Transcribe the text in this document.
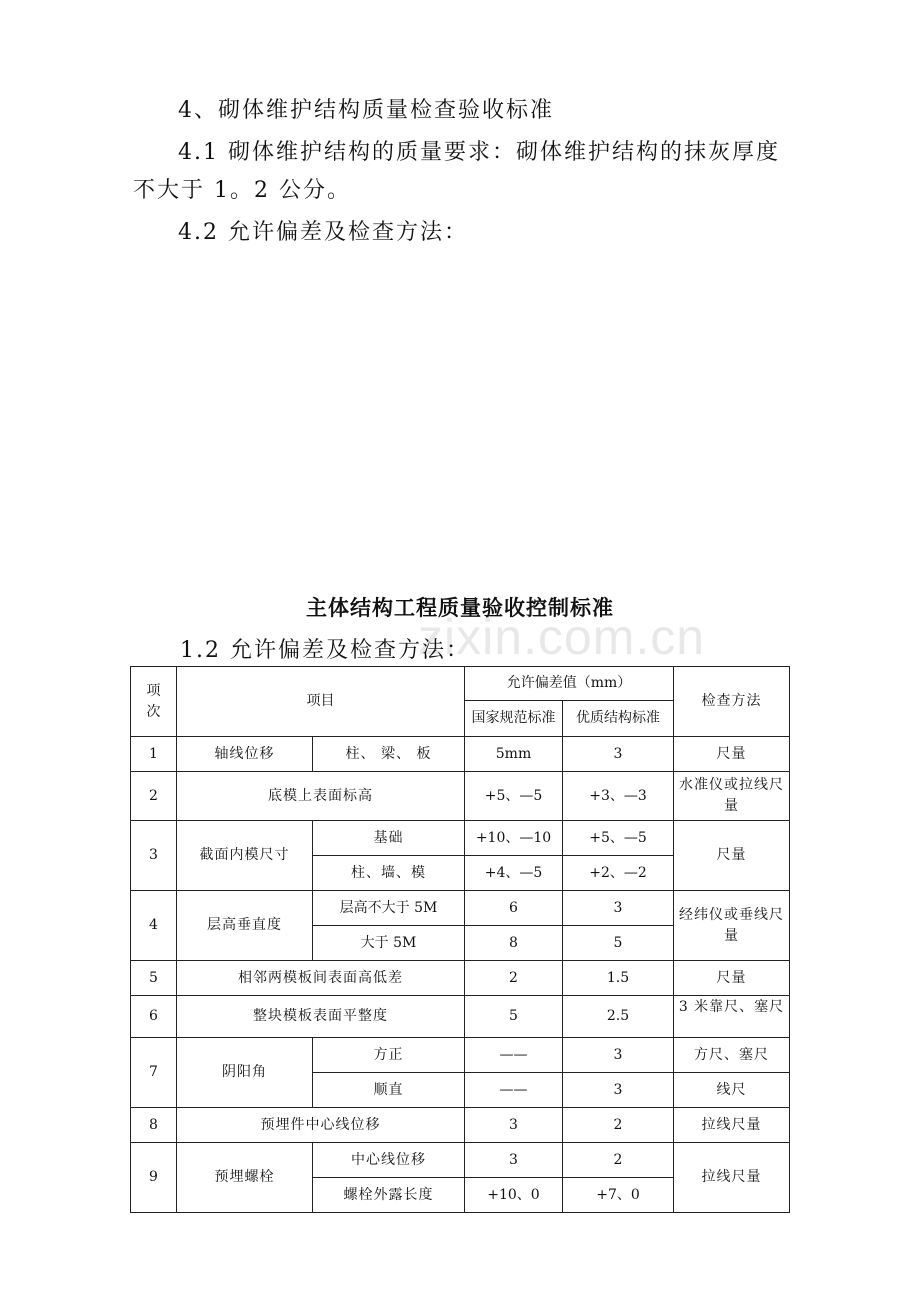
4、砌体维护结构质量检查验收标准
4.1 砌体维护结构的质量要求：砌体维护结构的抹灰厚度
不大于 1。2 公分。
4.2 允许偏差及检查方法：
主体结构工程质量验收控制标准
zixin.com.cn
1.2 允许偏差及检查方法：
项次	项目		允许偏差值（mm）		检查方法

			国家规范标准	优质结构标准	

1	轴线位移	柱、 梁、 板	5mm	3	尺量
2	底模上表面标高		+5、—5	+3、—3	水准仪或拉线尺量
3	截面内模尺寸	基础	+10、—10	+5、—5	尺量
		柱、墙、模	+4、—5	+2、—2	
4	层高垂直度	层高不大于 5M	6	3	经纬仪或垂线尺量
		大于 5M	8	5	
5	相邻两模板间表面高低差		2	1.5	尺量
6	整块模板表面平整度		5	2.5	3 米靠尺、塞尺

7	阴阳角	方正	——	3	方尺、塞尺
		顺直	——	3	线尺
8	预埋件中心线位移		3	2	拉线尺量
9	预埋螺栓	中心线位移	3	2	拉线尺量
		螺栓外露长度	+10、0	+7、0	
